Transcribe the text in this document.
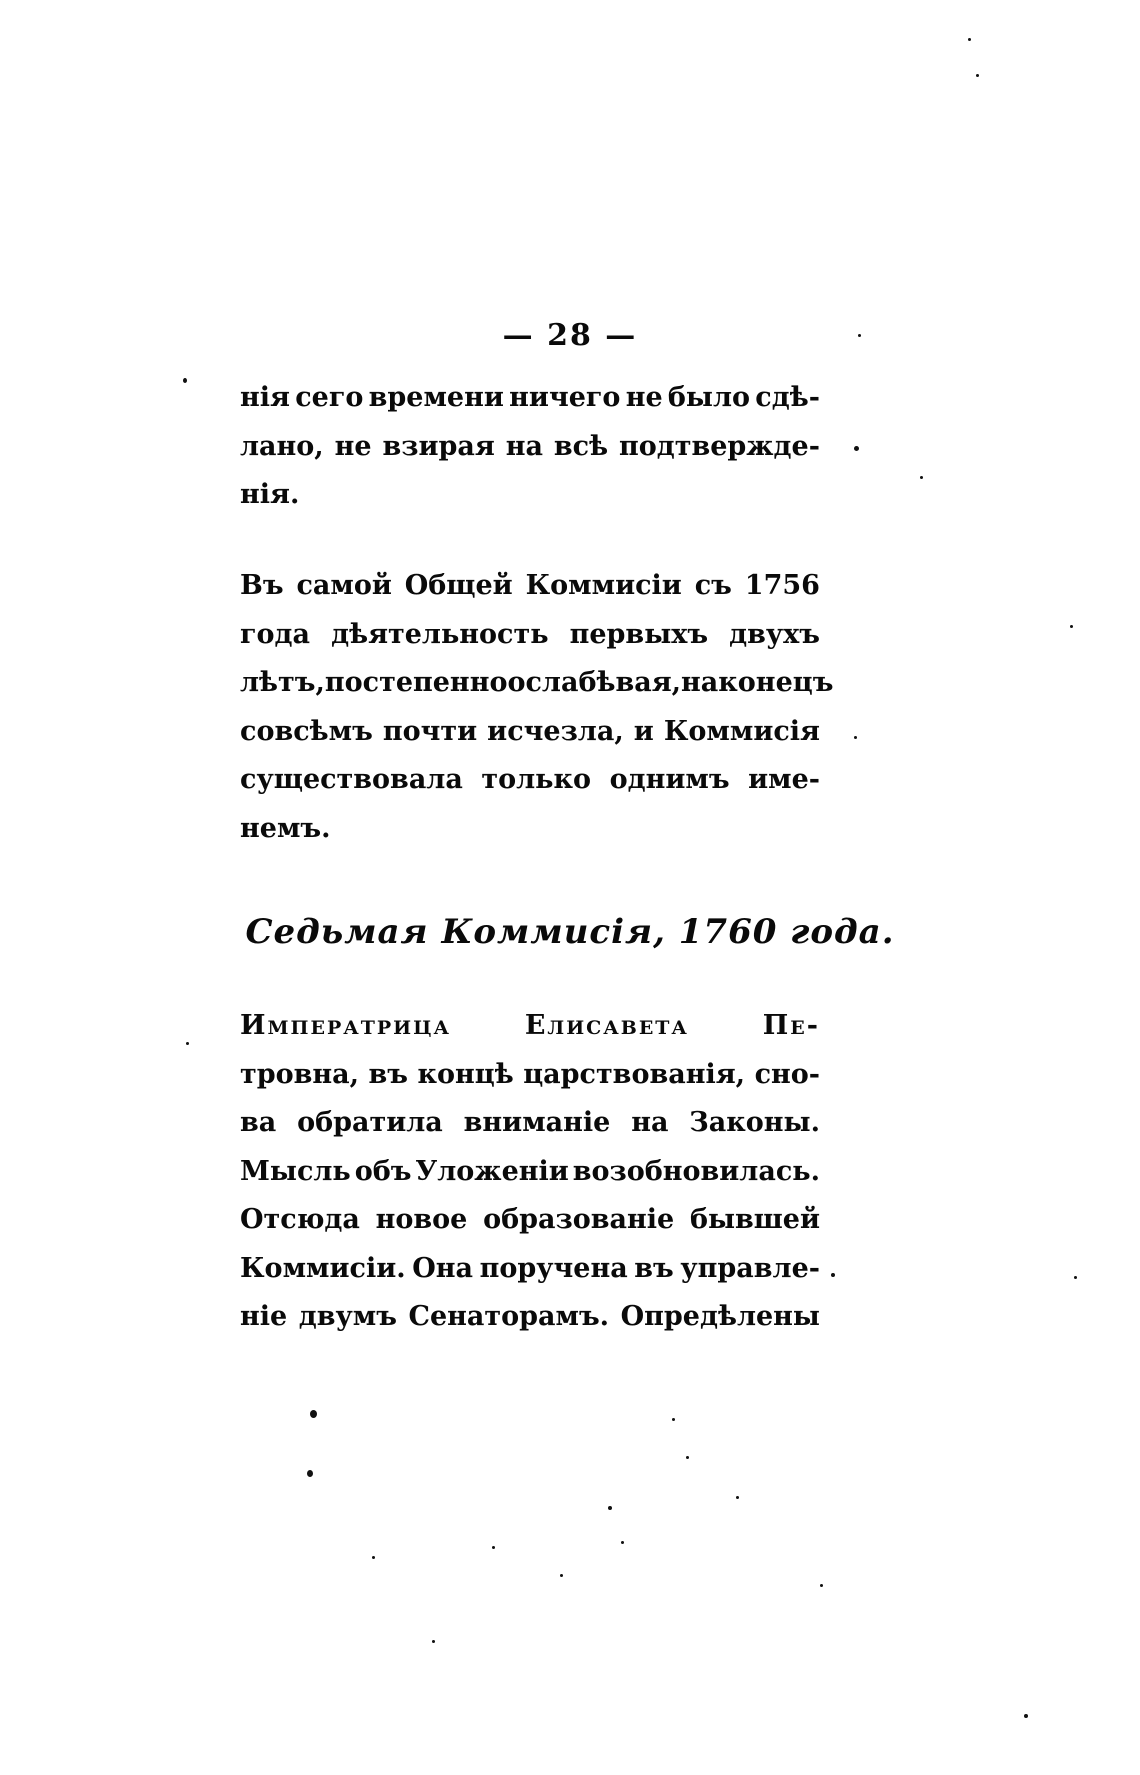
— 28 —
нія сего времени ничего не было сдѣ-
лано, не взирая на всѣ подтвержде-
нія.
Въ самой Общей Коммисіи съ 1756
года дѣятельность первыхъ двухъ
лѣтъ, постепенно ослабѣвая, наконецъ
совсѣмъ почти исчезла, и Коммисія
существовала только однимъ име-
немъ.
Седьмая Коммисія, 1760 года.
Императрица	Елисавета	Пе-
тровна, въ концѣ царствованія, сно-
ва обратила вниманіе на Законы.
Мысль объ Уложеніи возобновилась.
Отсюда новое образованіе бывшей
Коммисіи. Она поручена въ управле-
ніе двумъ Сенаторамъ. Опредѣлены
